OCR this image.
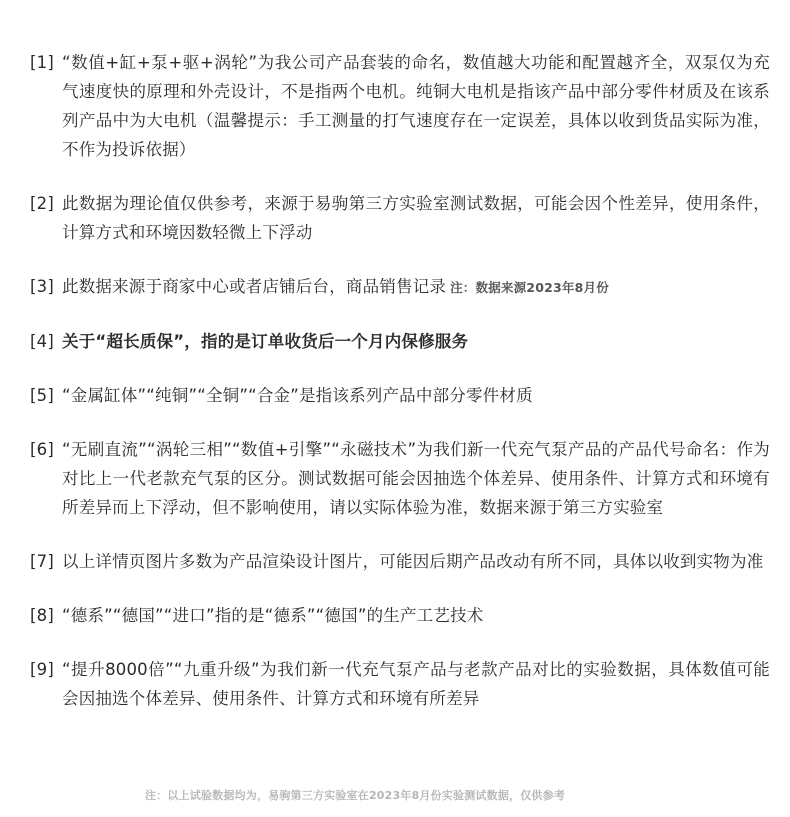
[1] “数值+缸+泵+驱+涡轮”为我公司产品套装的命名，数值越大功能和配置越齐全，双泵仅为充气速度快的原理和外壳设计，不是指两个电机。纯铜大电机是指该产品中部分零件材质及在该系列产品中为大电机（温馨提示：手工测量的打气速度存在一定误差，具体以收到货品实际为准，不作为投诉依据）
[2] 此数据为理论值仅供参考，来源于易驹第三方实验室测试数据，可能会因个性差异，使用条件，计算方式和环境因数轻微上下浮动
[3] 此数据来源于商家中心或者店铺后台，商品销售记录 注：数据来源2023年8月份
[4] 关于“超长质保”，指的是订单收货后一个月内保修服务
[5] “金属缸体”“纯铜”“全铜”“合金”是指该系列产品中部分零件材质
[6] “无刷直流”“涡轮三相”“数值+引擎”“永磁技术”为我们新一代充气泵产品的产品代号命名：作为对比上一代老款充气泵的区分。测试数据可能会因抽选个体差异、使用条件、计算方式和环境有所差异而上下浮动，但不影响使用，请以实际体验为准，数据来源于第三方实验室
[7] 以上详情页图片多数为产品渲染设计图片，可能因后期产品改动有所不同，具体以收到实物为准
[8] “德系”“德国”“进口”指的是“德系”“德国”的生产工艺技术
[9] “提升8000倍”“九重升级”为我们新一代充气泵产品与老款产品对比的实验数据，具体数值可能会因抽选个体差异、使用条件、计算方式和环境有所差异
注：以上试验数据均为，易驹第三方实验室在2023年8月份实验测试数据，仅供参考
